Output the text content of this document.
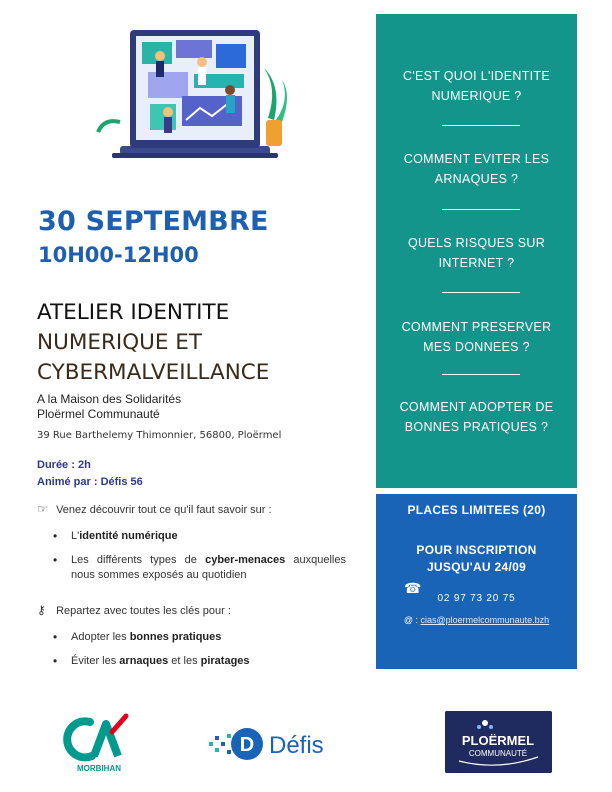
30 SEPTEMBRE
10H00-12H00
ATELIER IDENTITE
NUMERIQUE ET
CYBERMALVEILLANCE
A la Maison des Solidarités
Ploërmel Communauté
39 Rue Barthelemy Thimonnier, 56800, Ploërmel
Durée : 2h
Animé par : Défis 56
☞ Venez découvrir tout ce qu'il faut savoir sur :
• L'identité numérique
• Les différents types de cyber-menaces auxquelles nous sommes exposés au quotidien
⚷ Repartez avec toutes les clés pour :
• Adopter les bonnes pratiques
• Éviter les arnaques et les piratages
C'EST QUOI L'IDENTITE
NUMERIQUE ?
COMMENT EVITER LES
ARNAQUES ?
QUELS RISQUES SUR
INTERNET ?
COMMENT PRESERVER
MES DONNEES ?
COMMENT ADOPTER DE
BONNES PRATIQUES ?
PLACES LIMITEES (20)
POUR INSCRIPTION
JUSQU'AU 24/09
☎
02 97 73 20 75
@ : cias@ploermelcommunaute.bzh
MORBIHAN
D Défis	PLOËRMEL
COMMUNAUTÉ
